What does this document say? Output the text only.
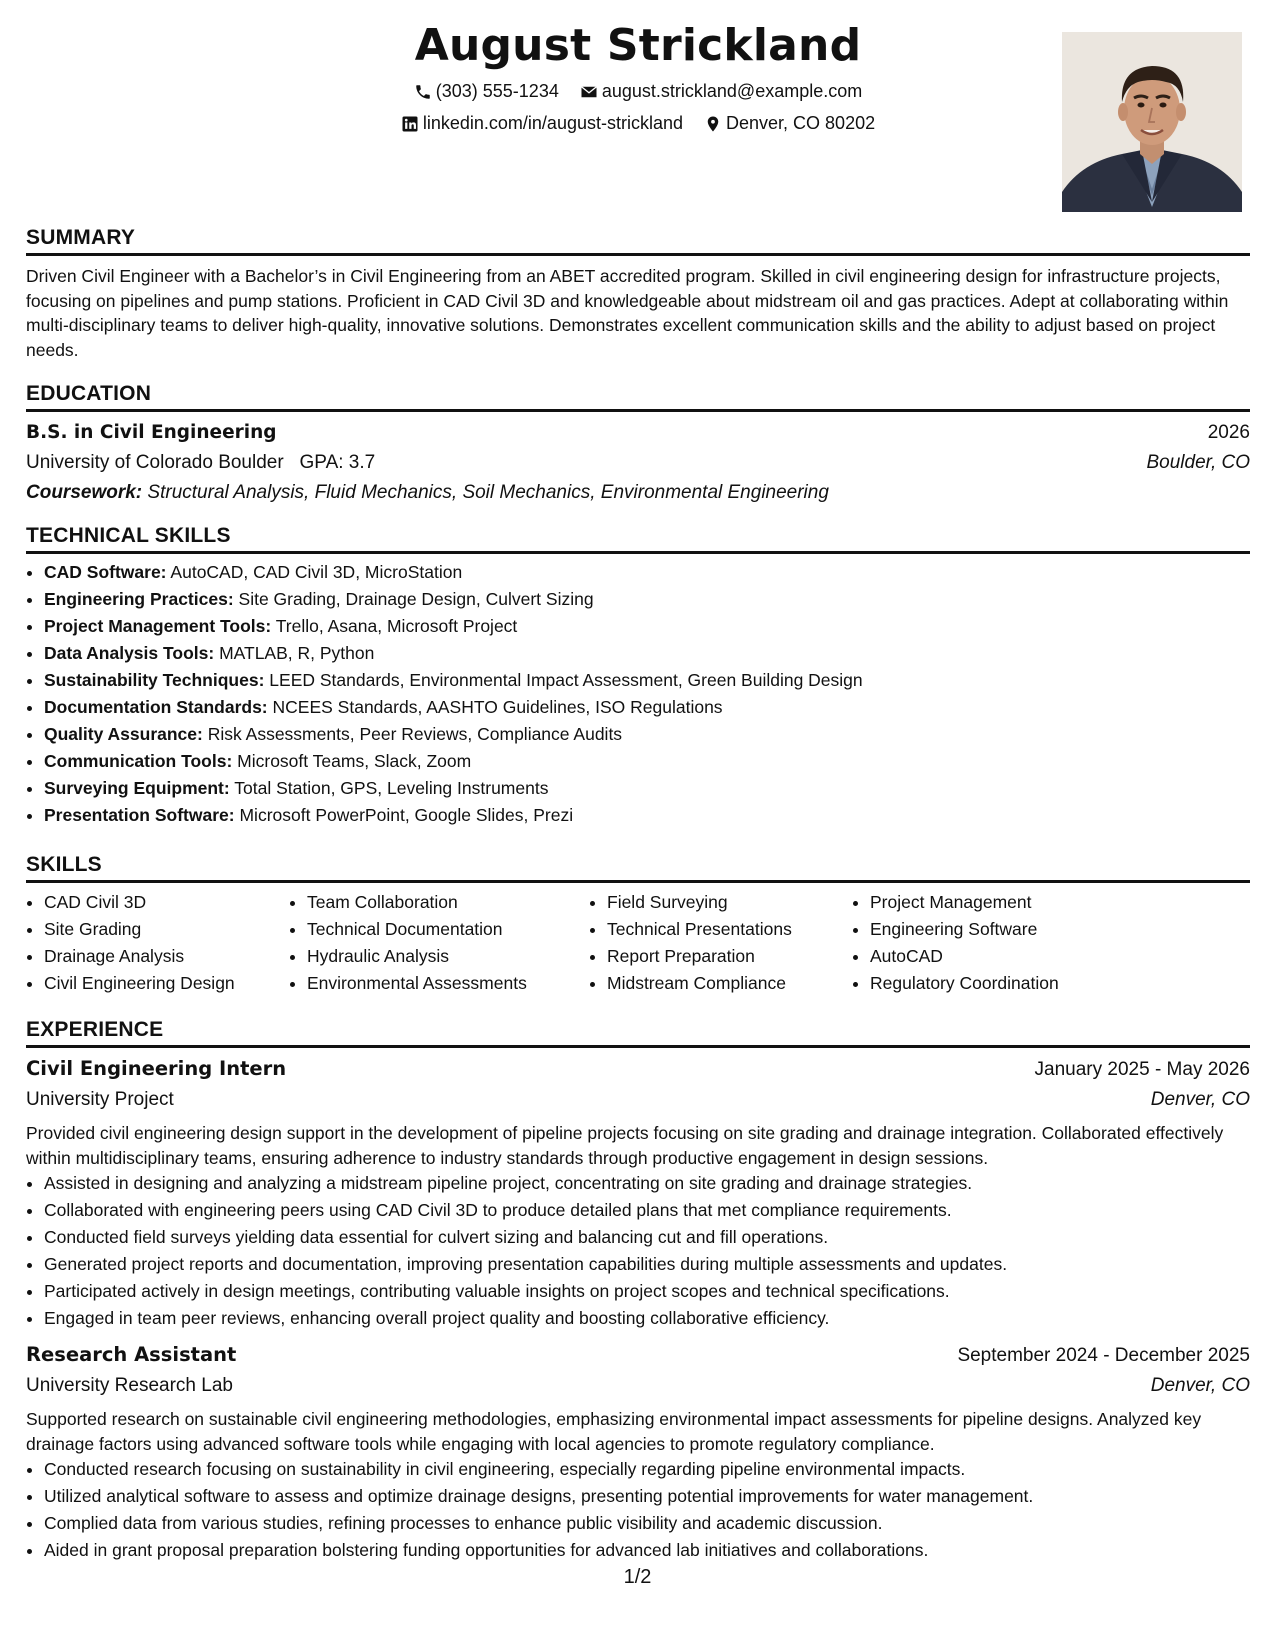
August Strickland
(303) 555-1234
august.strickland@example.com
linkedin.com/in/august-strickland
Denver, CO 80202
SUMMARY

Driven Civil Engineer with a Bachelor’s in Civil Engineering from an ABET accredited program. Skilled in civil engineering design for infrastructure projects, focusing on pipelines and pump stations. Proficient in CAD Civil 3D and knowledgeable about midstream oil and gas practices. Adept at collaborating within multi-disciplinary teams to deliver high-quality, innovative solutions. Demonstrates excellent communication skills and the ability to adjust based on project needs.

EDUCATION
B.S. in Civil Engineering	2026
University of Colorado Boulder GPA: 3.7	Boulder, CO
Coursework: Structural Analysis, Fluid Mechanics, Soil Mechanics, Environmental Engineering
TECHNICAL SKILLS
• CAD Software: AutoCAD, CAD Civil 3D, MicroStation
• Engineering Practices: Site Grading, Drainage Design, Culvert Sizing
• Project Management Tools: Trello, Asana, Microsoft Project
• Data Analysis Tools: MATLAB, R, Python
• Sustainability Techniques: LEED Standards, Environmental Impact Assessment, Green Building Design
• Documentation Standards: NCEES Standards, AASHTO Guidelines, ISO Regulations
• Quality Assurance: Risk Assessments, Peer Reviews, Compliance Audits
• Communication Tools: Microsoft Teams, Slack, Zoom
• Surveying Equipment: Total Station, GPS, Leveling Instruments
• Presentation Software: Microsoft PowerPoint, Google Slides, Prezi
SKILLS
• CAD Civil 3D
• Site Grading
• Drainage Analysis
• Civil Engineering Design
• Team Collaboration
• Technical Documentation
• Hydraulic Analysis
• Environmental Assessments
• Field Surveying
• Technical Presentations
• Report Preparation
• Midstream Compliance
• Project Management
• Engineering Software
• AutoCAD
• Regulatory Coordination
EXPERIENCE
Civil Engineering Intern	January 2025 - May 2026
University Project	Denver, CO

Provided civil engineering design support in the development of pipeline projects focusing on site grading and drainage integration. Collaborated effectively within multidisciplinary teams, ensuring adherence to industry standards through productive engagement in design sessions.

• Assisted in designing and analyzing a midstream pipeline project, concentrating on site grading and drainage strategies.
• Collaborated with engineering peers using CAD Civil 3D to produce detailed plans that met compliance requirements.
• Conducted field surveys yielding data essential for culvert sizing and balancing cut and fill operations.
• Generated project reports and documentation, improving presentation capabilities during multiple assessments and updates.
• Participated actively in design meetings, contributing valuable insights on project scopes and technical specifications.
• Engaged in team peer reviews, enhancing overall project quality and boosting collaborative efficiency.
Research Assistant	September 2024 - December 2025
University Research Lab	Denver, CO

Supported research on sustainable civil engineering methodologies, emphasizing environmental impact assessments for pipeline designs. Analyzed key drainage factors using advanced software tools while engaging with local agencies to promote regulatory compliance.

• Conducted research focusing on sustainability in civil engineering, especially regarding pipeline environmental impacts.
• Utilized analytical software to assess and optimize drainage designs, presenting potential improvements for water management.
• Complied data from various studies, refining processes to enhance public visibility and academic discussion.
• Aided in grant proposal preparation bolstering funding opportunities for advanced lab initiatives and collaborations.
1/2
